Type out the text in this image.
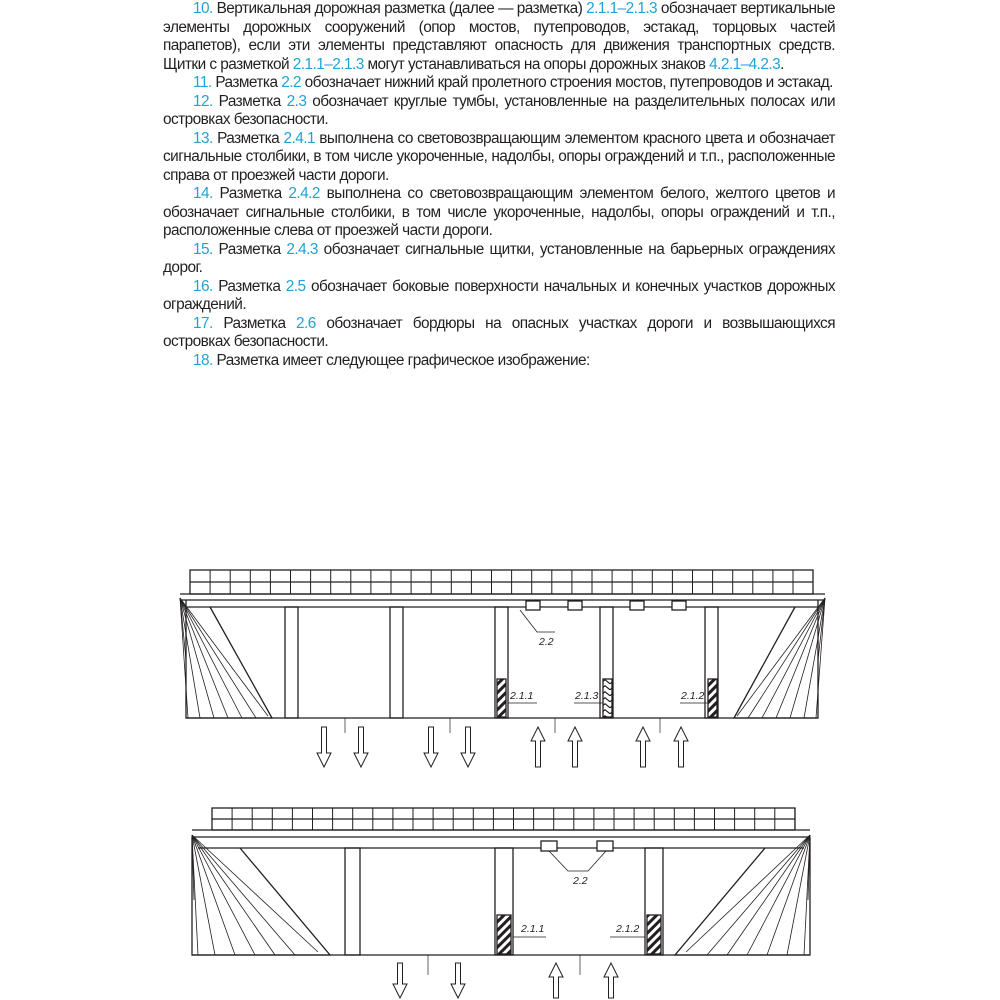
10. Вертикальная дорожная разметка (далее — разметка) 2.1.1–2.1.3 обозначает вертикальные элементы дорожных сооружений (опор мостов, путепроводов, эстакад, торцовых частей парапетов), если эти элементы представляют опасность для движения транспортных средств. Щитки с разметкой 2.1.1–2.1.3 могут устанавливаться на опоры дорожных знаков 4.2.1–4.2.3.

11. Разметка 2.2 обозначает нижний край пролетного строения мостов, путепроводов и эстакад.

12. Разметка 2.3 обозначает круглые тумбы, установленные на разделительных полосах или островках безопасности.

13. Разметка 2.4.1 выполнена со световозвращающим элементом красного цвета и обозначает сигнальные столбики, в том числе укороченные, надолбы, опоры ограждений и т.п., расположенные справа от проезжей части дороги.

14. Разметка 2.4.2 выполнена со световозвращающим элементом белого, желтого цветов и обозначает сигнальные столбики, в том числе укороченные, надолбы, опоры ограждений и т.п., расположенные слева от проезжей части дороги.

15. Разметка 2.4.3 обозначает сигнальные щитки, установленные на барьерных ограждениях дорог.

16. Разметка 2.5 обозначает боковые поверхности начальных и конечных участков дорожных ограждений.

17. Разметка 2.6 обозначает бордюры на опасных участках дороги и возвышающихся островках безопасности.

18. Разметка имеет следующее графическое изображение:

2.2
2.1.1	2.1.3	2.1.2
2.2
2.1.1	2.1.2
